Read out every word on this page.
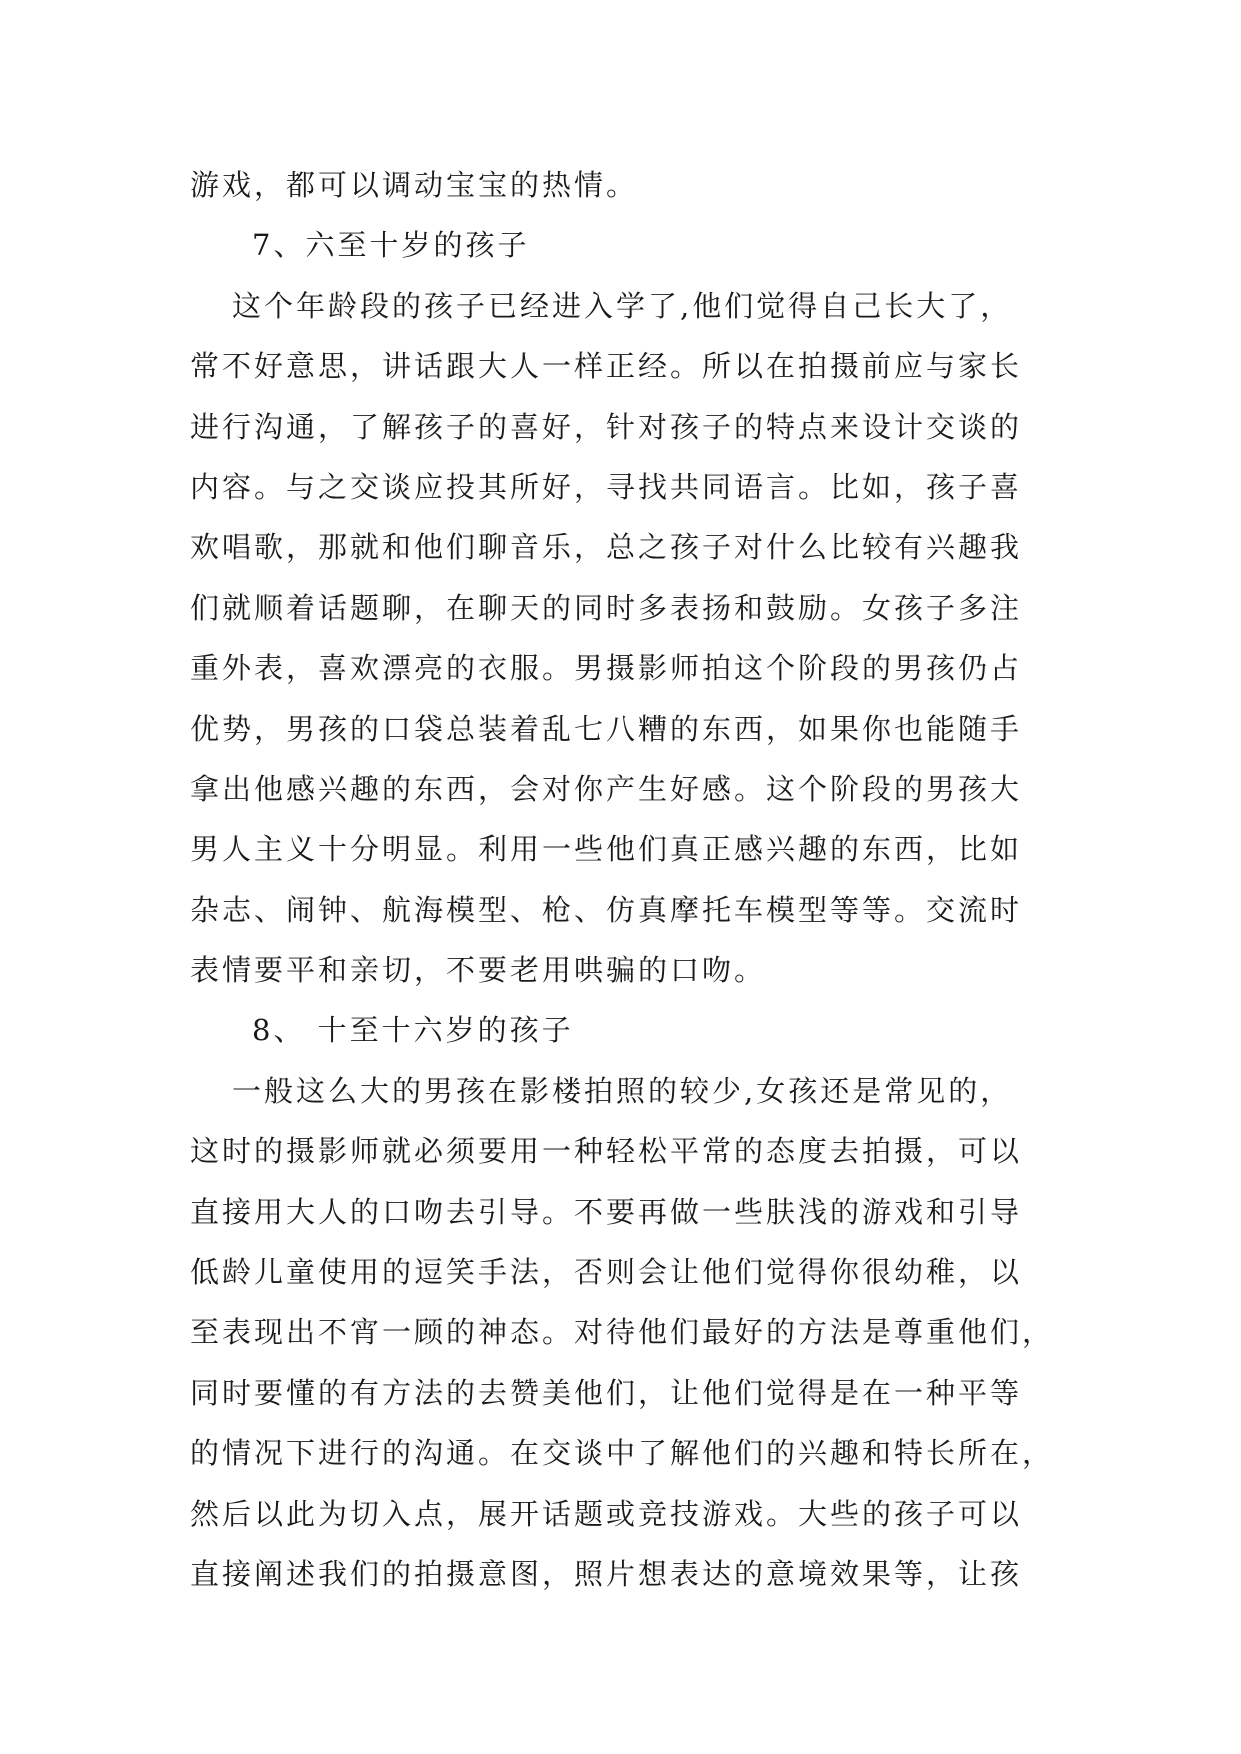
游戏，都可以调动宝宝的热情。
7、六至十岁的孩子
这个年龄段的孩子已经进入学了,他们觉得自己长大了，
常不好意思，讲话跟大人一样正经。所以在拍摄前应与家长
进行沟通，了解孩子的喜好，针对孩子的特点来设计交谈的
内容。与之交谈应投其所好，寻找共同语言。比如，孩子喜
欢唱歌，那就和他们聊音乐，总之孩子对什么比较有兴趣我
们就顺着话题聊，在聊天的同时多表扬和鼓励。女孩子多注
重外表，喜欢漂亮的衣服。男摄影师拍这个阶段的男孩仍占
优势，男孩的口袋总装着乱七八糟的东西，如果你也能随手
拿出他感兴趣的东西，会对你产生好感。这个阶段的男孩大
男人主义十分明显。利用一些他们真正感兴趣的东西，比如
杂志、闹钟、航海模型、枪、仿真摩托车模型等等。交流时
表情要平和亲切，不要老用哄骗的口吻。
8、 十至十六岁的孩子
一般这么大的男孩在影楼拍照的较少,女孩还是常见的，
这时的摄影师就必须要用一种轻松平常的态度去拍摄，可以
直接用大人的口吻去引导。不要再做一些肤浅的游戏和引导
低龄儿童使用的逗笑手法，否则会让他们觉得你很幼稚，以
至表现出不宵一顾的神态。对待他们最好的方法是尊重他们，
同时要懂的有方法的去赞美他们，让他们觉得是在一种平等
的情况下进行的沟通。在交谈中了解他们的兴趣和特长所在，
然后以此为切入点，展开话题或竞技游戏。大些的孩子可以
直接阐述我们的拍摄意图，照片想表达的意境效果等，让孩
